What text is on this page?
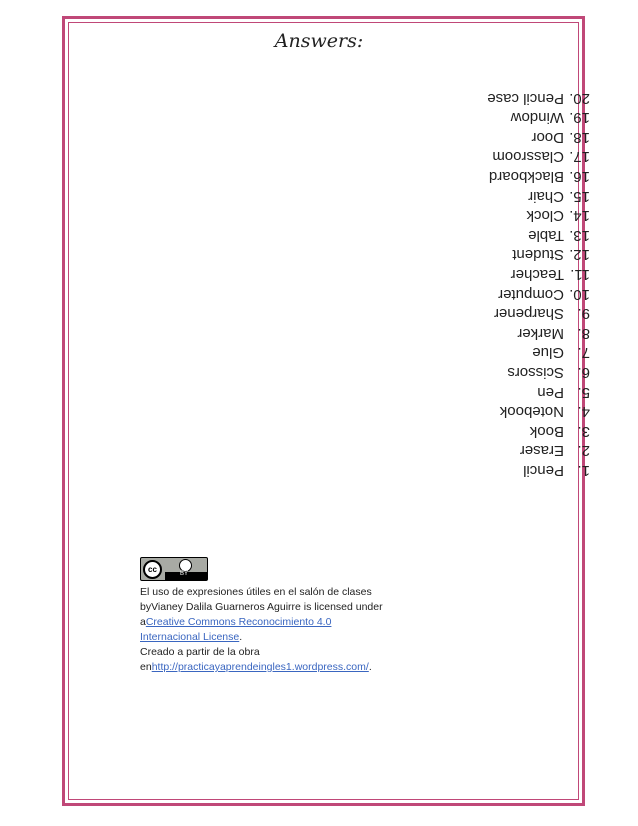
Answers:
1.Pencil
2.Eraser
3.Book
4.Notebook
5.Pen
6.Scissors
7.Glue
8.Marker
9.Sharpener
10.Computer
11.Teacher
12.Student
13.Table
14.Clock
15.Chair
16.Blackboard
17.Classroom
18.Door
19.Window
20.Pencil case
cc	BY
El uso de expresiones útiles en el salón de clases byVianey Dalila Guarneros Aguirre is licensed under aCreative Commons Reconocimiento 4.0 Internacional License.
Creado a partir de la obra enhttp://practicayaprendeingles1.wordpress.com/.
